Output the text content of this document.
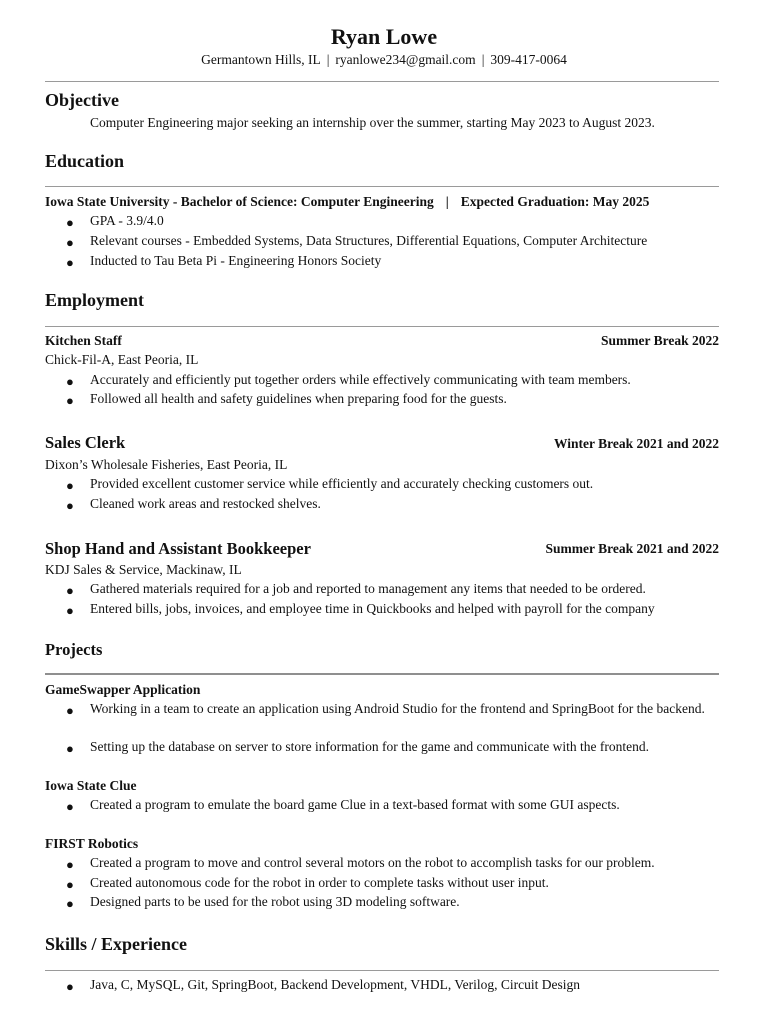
Ryan Lowe
Germantown Hills, IL | ryanlowe234@gmail.com | 309-417-0064
Objective
Computer Engineering major seeking an internship over the summer, starting May 2023 to August 2023.
Education
Iowa State University - Bachelor of Science: Computer Engineering | Expected Graduation: May 2025
● GPA - 3.9/4.0
● Relevant courses - Embedded Systems, Data Structures, Differential Equations, Computer Architecture
● Inducted to Tau Beta Pi - Engineering Honors Society
Employment
Kitchen Staff	Summer Break 2022
Chick-Fil-A, East Peoria, IL
● Accurately and efficiently put together orders while effectively communicating with team members.
● Followed all health and safety guidelines when preparing food for the guests.
Sales Clerk	Winter Break 2021 and 2022
Dixon’s Wholesale Fisheries, East Peoria, IL
● Provided excellent customer service while efficiently and accurately checking customers out.
● Cleaned work areas and restocked shelves.
Shop Hand and Assistant Bookkeeper	Summer Break 2021 and 2022
KDJ Sales & Service, Mackinaw, IL
● Gathered materials required for a job and reported to management any items that needed to be ordered.
● Entered bills, jobs, invoices, and employee time in Quickbooks and helped with payroll for the company
Projects
GameSwapper Application
● Working in a team to create an application using Android Studio for the frontend and SpringBoot for the backend.
● Setting up the database on server to store information for the game and communicate with the frontend.
Iowa State Clue
● Created a program to emulate the board game Clue in a text-based format with some GUI aspects.
FIRST Robotics
● Created a program to move and control several motors on the robot to accomplish tasks for our problem.
● Created autonomous code for the robot in order to complete tasks without user input.
● Designed parts to be used for the robot using 3D modeling software.
Skills / Experience
● Java, C, MySQL, Git, SpringBoot, Backend Development, VHDL, Verilog, Circuit Design
